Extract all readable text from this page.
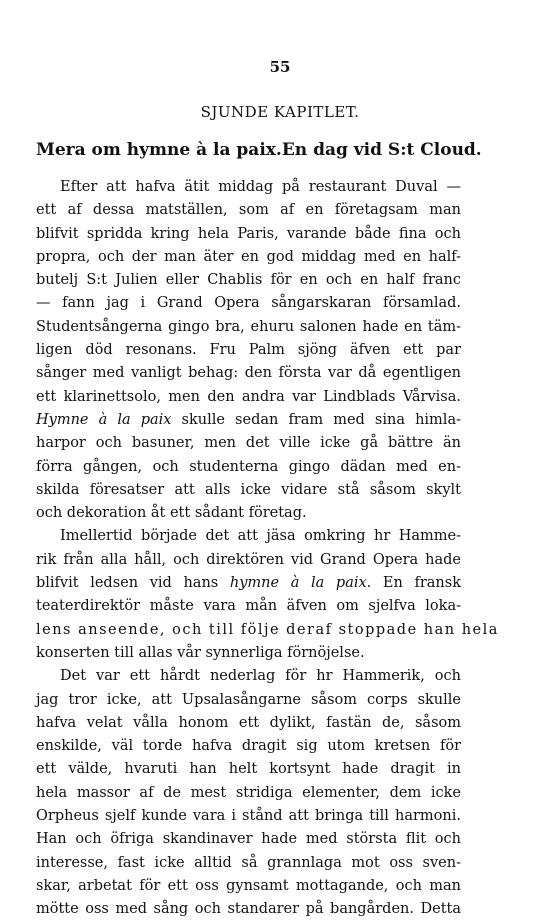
55
SJUNDE KAPITLET.
Mera om hymne à la paix. En dag vid S:t Cloud.
Efter att hafva ätit middag på restaurant Duval —
ett af dessa matställen, som af en företagsam man
blifvit spridda kring hela Paris, varande både fina och
propra, och der man äter en god middag med en half-
butelj S:t Julien eller Chablis för en och en half franc
— fann jag i Grand Opera sångarskaran församlad.
Studentsångerna gingo bra, ehuru salonen hade en täm-
ligen död resonans. Fru Palm sjöng äfven ett par
sånger med vanligt behag: den första var då egentligen
ett klarinettsolo, men den andra var Lindblads Vårvisa.
Hymne à la paix skulle sedan fram med sina himla-
harpor och basuner, men det ville icke gå bättre än
förra gången, och studenterna gingo dädan med en-
skilda föresatser att alls icke vidare stå såsom skylt
och dekoration åt ett sådant företag.
Imellertid började det att jäsa omkring hr Hamme-
rik från alla håll, och direktören vid Grand Opera hade
blifvit ledsen vid hans hymne à la paix. En fransk
teaterdirektör måste vara mån äfven om sjelfva loka-
lens anseende, och till följe deraf stoppade han hela
konserten till allas vår synnerliga förnöjelse.
Det var ett hårdt nederlag för hr Hammerik, och
jag tror icke, att Upsalasångarne såsom corps skulle
hafva velat vålla honom ett dylikt, fastän de, såsom
enskilde, väl torde hafva dragit sig utom kretsen för
ett välde, hvaruti han helt kortsynt hade dragit in
hela massor af de mest stridiga elementer, dem icke
Orpheus sjelf kunde vara i stånd att bringa till harmoni.
Han och öfriga skandinaver hade med största flit och
interesse, fast icke alltid så grannlaga mot oss sven-
skar, arbetat för ett oss gynsamt mottagande, och man
mötte oss med sång och standarer på bangården. Detta
